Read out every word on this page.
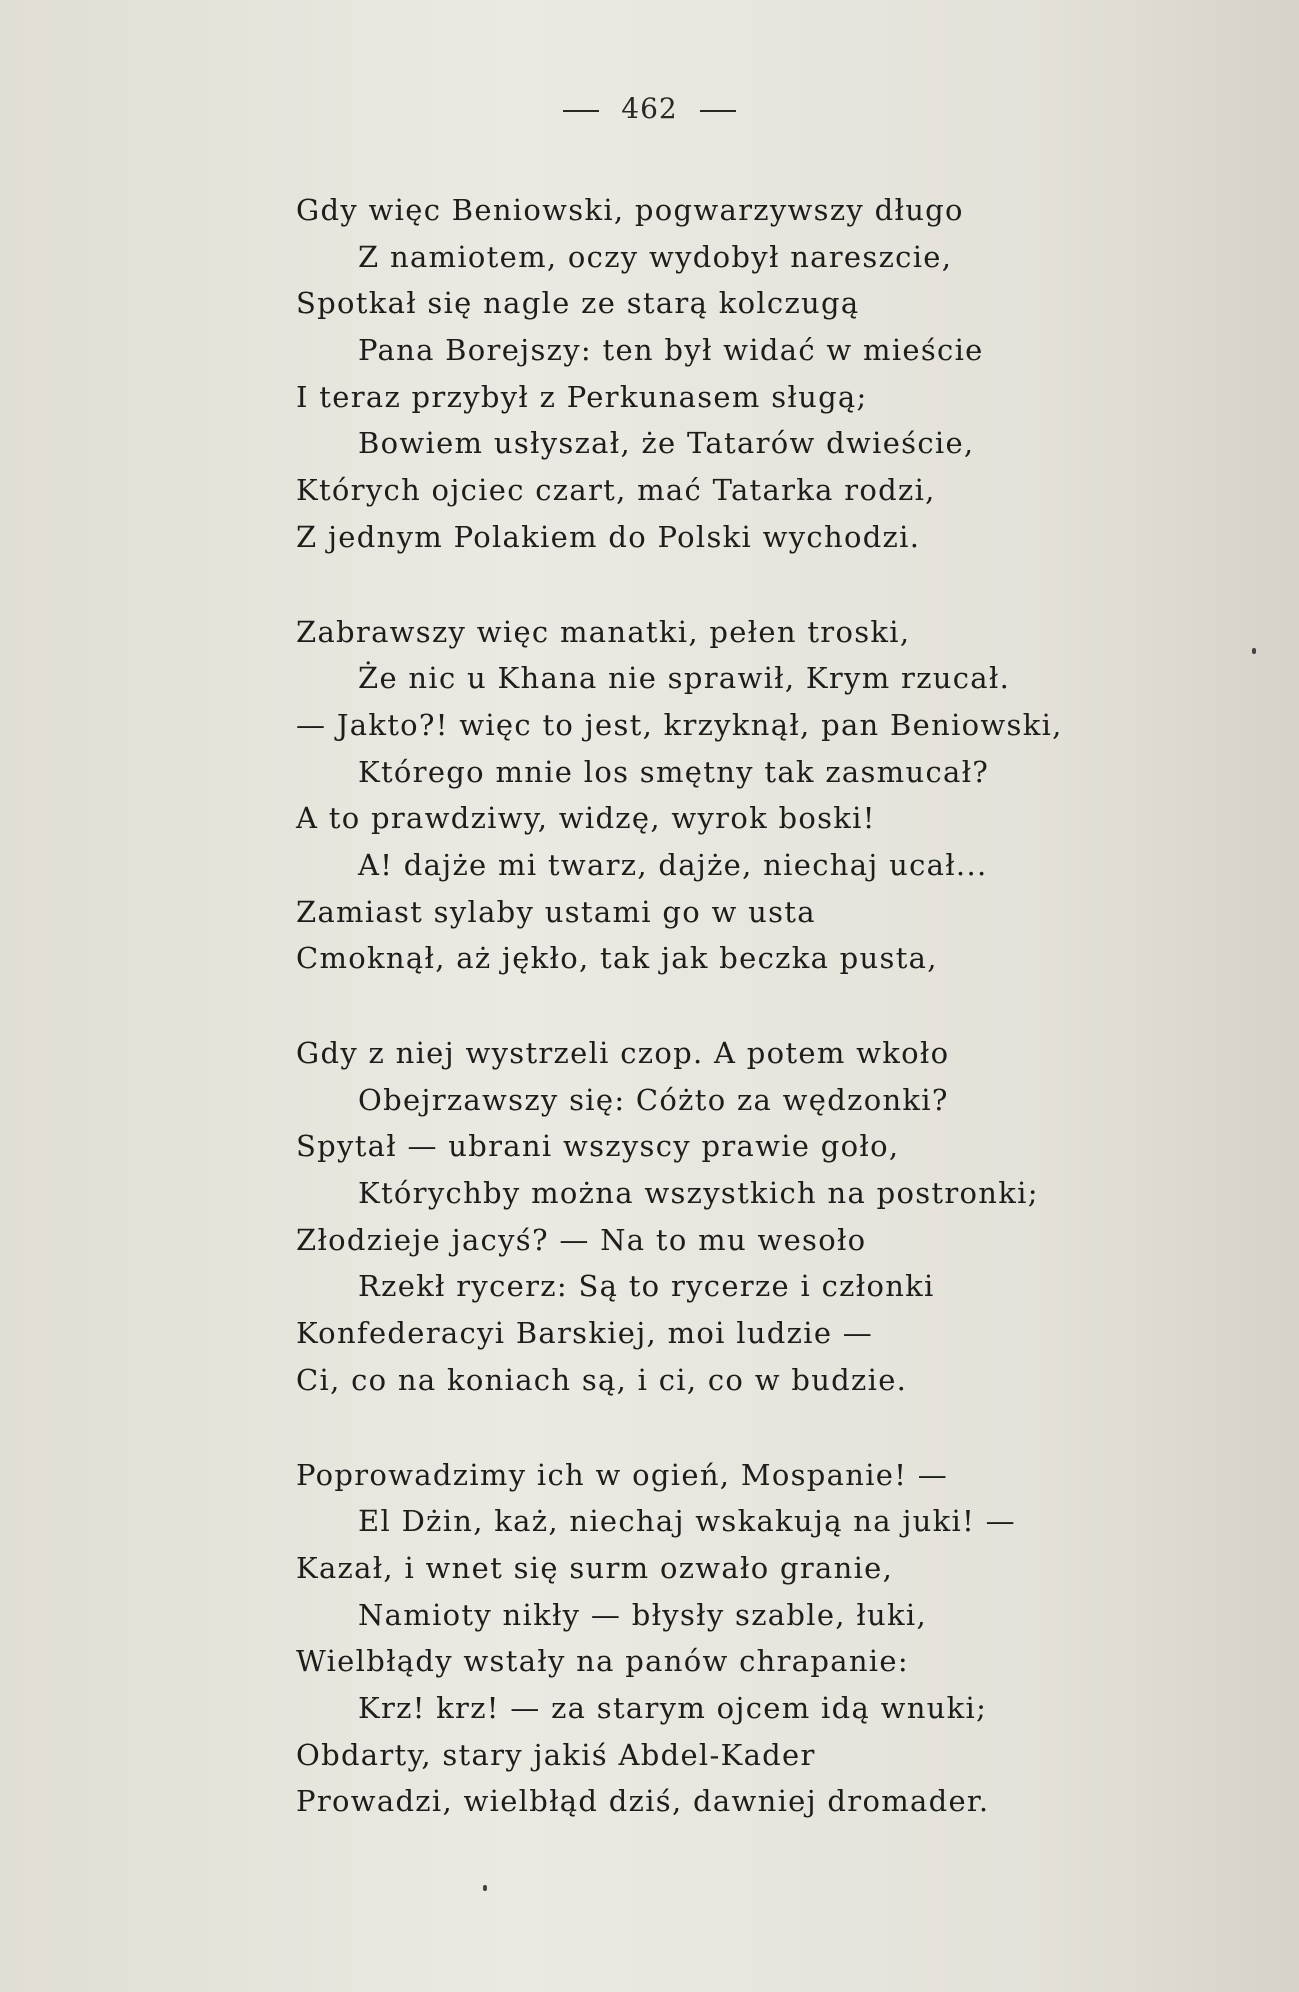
462
Gdy więc Beniowski, pogwarzywszy długo
Z namiotem, oczy wydobył nareszcie,
Spotkał się nagle ze starą kolczugą
Pana Borejszy: ten był widać w mieście
I teraz przybył z Perkunasem sługą;
Bowiem usłyszał, że Tatarów dwieście,
Których ojciec czart, mać Tatarka rodzi,
Z jednym Polakiem do Polski wychodzi.
Zabrawszy więc manatki, pełen troski,
Że nic u Khana nie sprawił, Krym rzucał.
— Jakto?! więc to jest, krzyknął, pan Beniowski,
Którego mnie los smętny tak zasmucał?
A to prawdziwy, widzę, wyrok boski!
A! dajże mi twarz, dajże, niechaj ucał...
Zamiast sylaby ustami go w usta
Cmoknął, aż jękło, tak jak beczka pusta,
Gdy z niej wystrzeli czop. A potem wkoło
Obejrzawszy się: Cóżto za wędzonki?
Spytał — ubrani wszyscy prawie goło,
Którychby można wszystkich na postronki;
Złodzieje jacyś? — Na to mu wesoło
Rzekł rycerz: Są to rycerze i członki
Konfederacyi Barskiej, moi ludzie —
Ci, co na koniach są, i ci, co w budzie.
Poprowadzimy ich w ogień, Mospanie! —
El Dżin, każ, niechaj wskakują na juki! —
Kazał, i wnet się surm ozwało granie,
Namioty nikły — błysły szable, łuki,
Wielbłądy wstały na panów chrapanie:
Krz! krz! — za starym ojcem idą wnuki;
Obdarty, stary jakiś Abdel-Kader
Prowadzi, wielbłąd dziś, dawniej dromader.
